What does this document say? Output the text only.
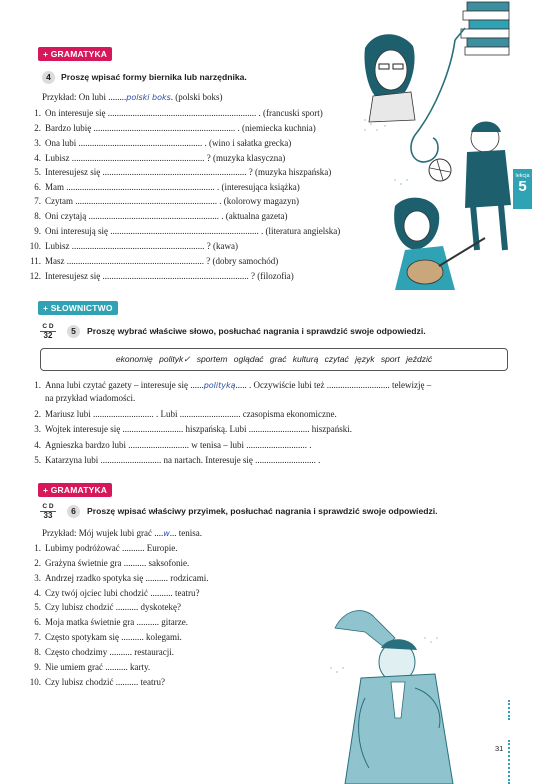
lekcja
5
+ GRAMATYKA
4	Proszę wpisać formy biernika lub narzędnika.
Przykład: On lubi ........polski boks. (polski boks)
1. On interesuje się .................................................................. . (francuski sport)
2. Bardzo lubię ............................................................... . (niemiecka kuchnia)
3. Ona lubi ....................................................... . (wino i sałatka grecka)
4. Lubisz ........................................................... ? (muzyka klasyczna)
5. Interesujesz się ................................................................ ? (muzyka hiszpańska)
6. Mam .................................................................. . (interesująca książka)
7. Czytam ............................................................... . (kolorowy magazyn)
8. Oni czytają .......................................................... . (aktualna gazeta)
9. Oni interesują się .................................................................. . (literatura angielska)
10. Lubisz ........................................................... ? (kawa)
11. Masz ............................................................. ? (dobry samochód)
12. Interesujesz się ................................................................. ? (filozofia)
+ SŁOWNICTWO
C D
32	5	Proszę wybrać właściwe słowo, posłuchać nagrania i sprawdzić swoje odpowiedzi.
ekonomię polityk✓ sportem oglądać grać kulturą czytać język sport jeździć
1. Anna lubi czytać gazety – interesuje się ......polityką..... . Oczywiście lubi też ............................ telewizję –
na przykład wiadomości.
2. Mariusz lubi ........................... . Lubi ........................... czasopisma ekonomiczne.
3. Wojtek interesuje się ........................... hiszpańską. Lubi ........................... hiszpański.
4. Agnieszka bardzo lubi ........................... w tenisa – lubi ........................... .
5. Katarzyna lubi ........................... na nartach. Interesuje się ........................... .
+ GRAMATYKA
C D
33	6	Proszę wpisać właściwy przyimek, posłuchać nagrania i sprawdzić swoje odpowiedzi.
Przykład: Mój wujek lubi grać ....w... tenisa.
1. Lubimy podróżować .......... Europie.
2. Grażyna świetnie gra .......... saksofonie.
3. Andrzej rzadko spotyka się .......... rodzicami.
4. Czy twój ojciec lubi chodzić .......... teatru?
5. Czy lubisz chodzić .......... dyskotekę?
6. Moja matka świetnie gra .......... gitarze.
7. Często spotykam się .......... kolegami.
8. Często chodzimy .......... restauracji.
9. Nie umiem grać .......... karty.
10. Czy lubisz chodzić .......... teatru?
31
